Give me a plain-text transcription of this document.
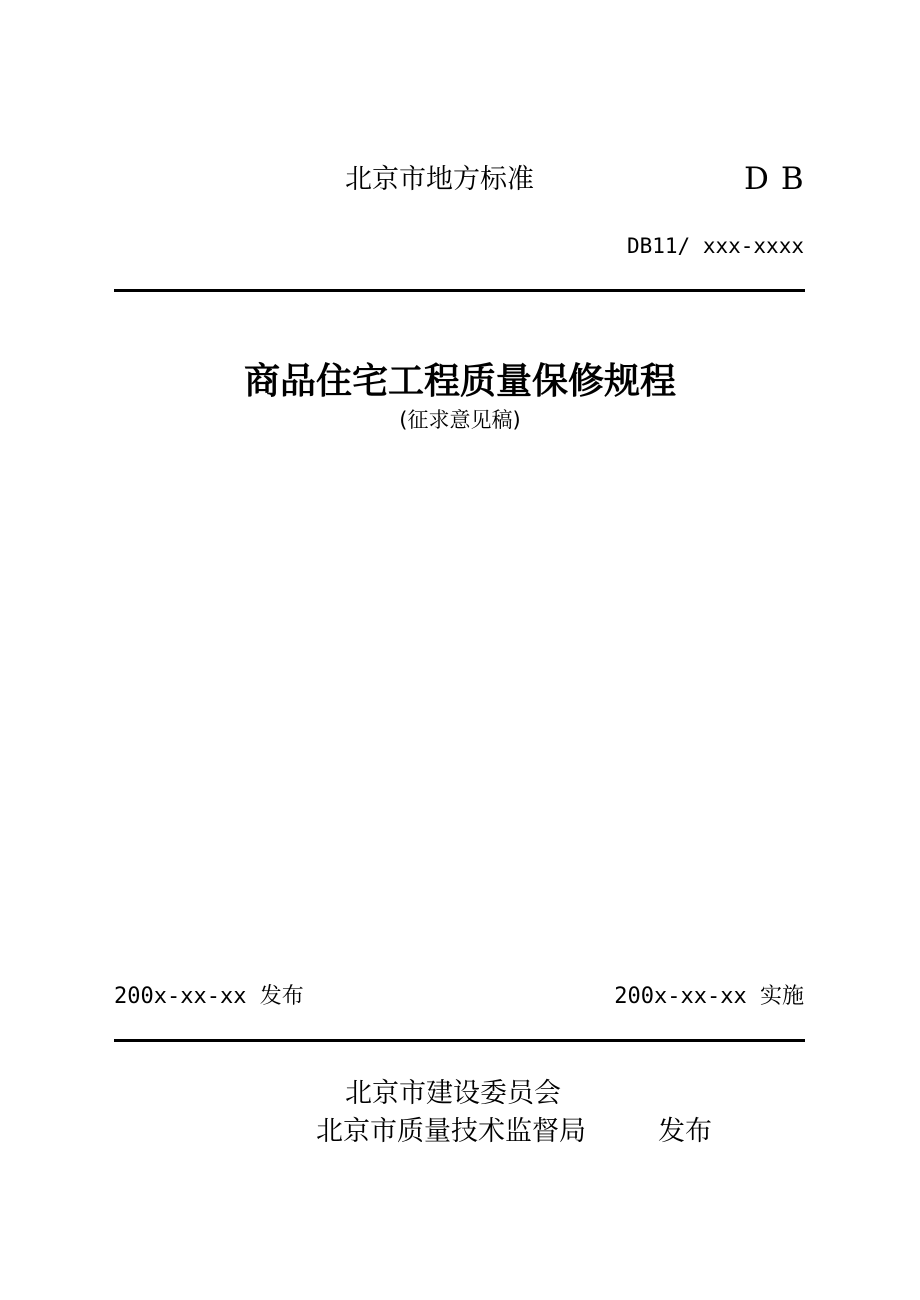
北京市地方标准	DB
DB11/ xxx-xxxx
商品住宅工程质量保修规程
(征求意见稿)
200x-xx-xx 发布	200x-xx-xx 实施
北京市建设委员会
北京市质量技术监督局	发布
